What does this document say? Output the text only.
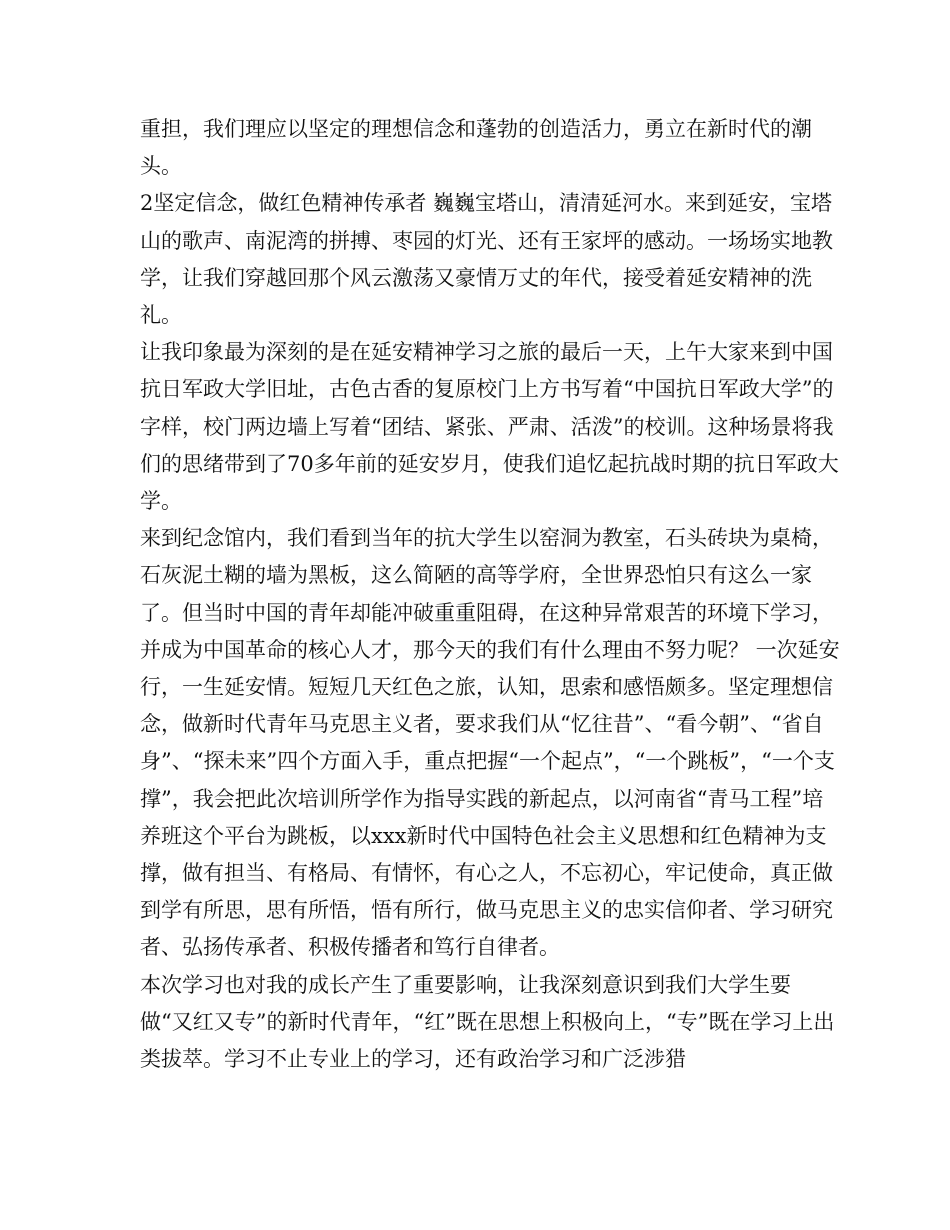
重担，我们理应以坚定的理想信念和蓬勃的创造活力，勇立在新时代的潮头。

2坚定信念，做红色精神传承者 巍巍宝塔山，清清延河水。来到延安，宝塔山的歌声、南泥湾的拼搏、枣园的灯光、还有王家坪的感动。一场场实地教学，让我们穿越回那个风云激荡又豪情万丈的年代，接受着延安精神的洗礼。

让我印象最为深刻的是在延安精神学习之旅的最后一天，上午大家来到中国抗日军政大学旧址，古色古香的复原校门上方书写着“中国抗日军政大学”的字样，校门两边墙上写着“团结、紧张、严肃、活泼”的校训。这种场景将我们的思绪带到了70多年前的延安岁月，使我们追忆起抗战时期的抗日军政大学。

来到纪念馆内，我们看到当年的抗大学生以窑洞为教室，石头砖块为桌椅，石灰泥土糊的墙为黑板，这么简陋的高等学府，全世界恐怕只有这么一家了。但当时中国的青年却能冲破重重阻碍，在这种异常艰苦的环境下学习，并成为中国革命的核心人才，那今天的我们有什么理由不努力呢？ 一次延安行，一生延安情。短短几天红色之旅，认知，思索和感悟颇多。坚定理想信念，做新时代青年马克思主义者，要求我们从“忆往昔”、“看今朝”、“省自身”、“探未来”四个方面入手，重点把握“一个起点”，“一个跳板”，“一个支撑”，我会把此次培训所学作为指导实践的新起点，以河南省“青马工程”培养班这个平台为跳板，以xxx新时代中国特色社会主义思想和红色精神为支撑，做有担当、有格局、有情怀，有心之人，不忘初心，牢记使命，真正做到学有所思，思有所悟，悟有所行，做马克思主义的忠实信仰者、学习研究者、弘扬传承者、积极传播者和笃行自律者。

本次学习也对我的成长产生了重要影响，让我深刻意识到我们大学生要做“又红又专”的新时代青年，“红”既在思想上积极向上，“专”既在学习上出类拔萃。学习不止专业上的学习，还有政治学习和广泛涉猎
